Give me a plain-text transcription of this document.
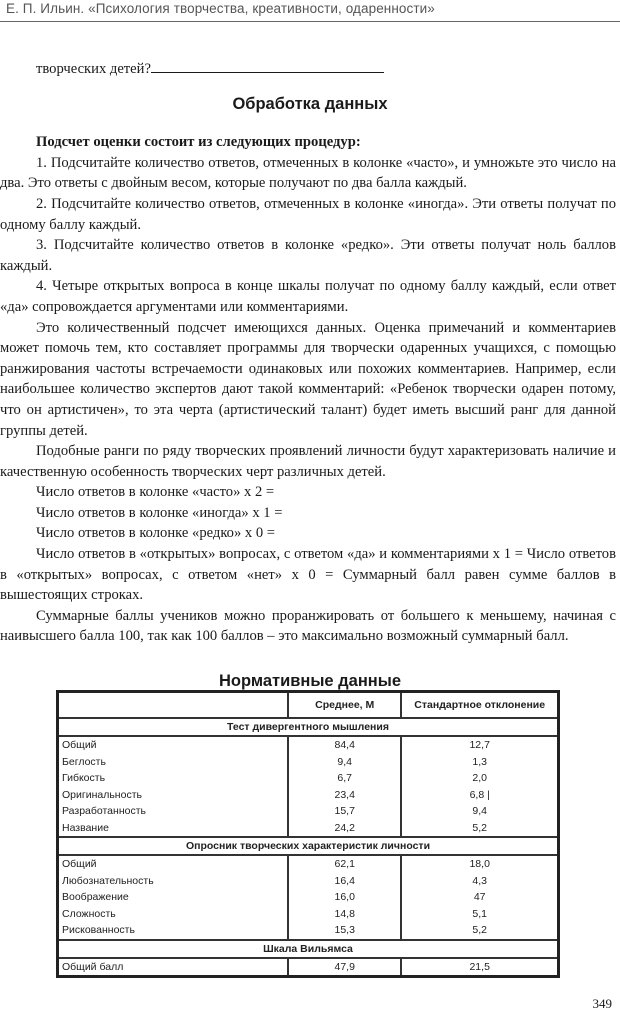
Е. П. Ильин. «Психология творчества, креативности, одаренности»

творческих детей?

Обработка данных

Подсчет оценки состоит из следующих процедур:

1. Подсчитайте количество ответов, отмеченных в колонке «часто», и умножьте это число на два. Это ответы с двойным весом, которые получают по два балла каждый.

2. Подсчитайте количество ответов, отмеченных в колонке «иногда». Эти ответы получат по одному баллу каждый.

3. Подсчитайте количество ответов в колонке «редко». Эти ответы получат ноль баллов каждый.

4. Четыре открытых вопроса в конце шкалы получат по одному баллу каждый, если ответ «да» сопровождается аргументами или комментариями.

Это количественный подсчет имеющихся данных. Оценка примечаний и комментариев может помочь тем, кто составляет программы для творчески одаренных учащихся, с помощью ранжирования частоты встречаемости одинаковых или похожих комментариев. Например, если наибольшее количество экспертов дают такой комментарий: «Ребенок творчески одарен потому, что он артистичен», то эта черта (артистический талант) будет иметь высший ранг для данной группы детей.

Подобные ранги по ряду творческих проявлений личности будут характеризовать наличие и качественную особенность творческих черт различных детей.

Число ответов в колонке «часто» x 2 =

Число ответов в колонке «иногда» x 1 =

Число ответов в колонке «редко» x 0 =

Число ответов в «открытых» вопросах, с ответом «да» и комментариями x 1 = Число ответов в «открытых» вопросах, с ответом «нет» x 0 = Суммарный балл равен сумме баллов в вышестоящих строках.

Суммарные баллы учеников можно проранжировать от большего к меньшему, начиная с наивысшего балла 100, так как 100 баллов – это максимально возможный суммарный балл.

Нормативные данные

	Среднее, М	Стандартное отклонение
Тест дивергентного мышления		
Общий	84,4	12,7
Беглость	9,4	1,3
Гибкость	6,7	2,0
Оригинальность	23,4	6,8 |
Разработанность	15,7	9,4
Название	24,2	5,2
Опросник творческих характеристик личности		
Общий	62,1	18,0
Любознательность	16,4	4,3
Воображение	16,0	47
Сложность	14,8	5,1
Рискованность	15,3	5,2
Шкала Вильямса		
Общий балл	47,9	21,5
349
